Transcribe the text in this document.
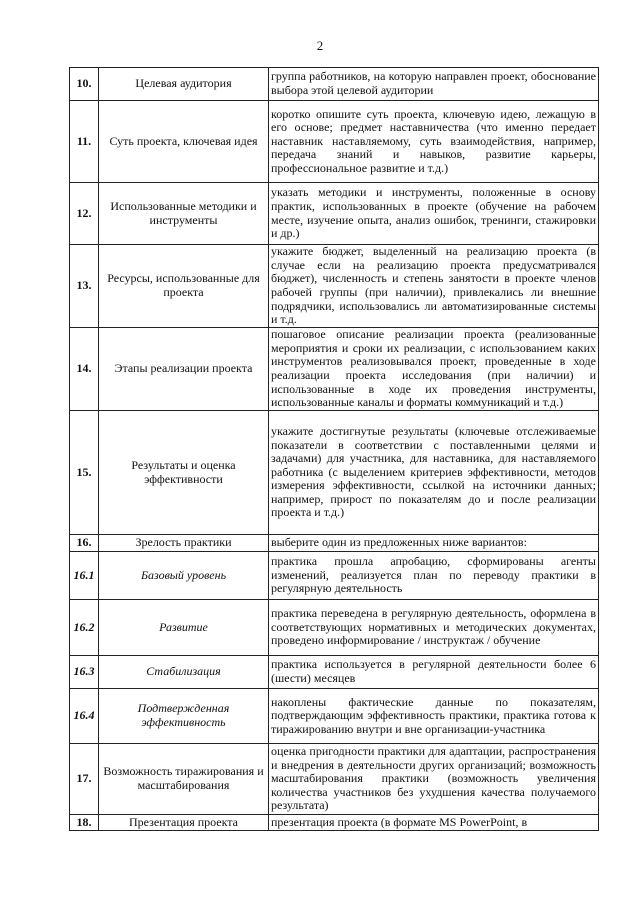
2
10.	Целевая аудитория	группа работников, на которую направлен проект, обоснование выбора этой целевой аудитории
11.	Суть проекта, ключевая идея	коротко опишите суть проекта, ключевую идею, лежащую в его основе; предмет наставничества (что именно передает наставник наставляемому, суть взаимодействия, например, передача знаний и навыков, развитие карьеры, профессиональное развитие и т.д.)
12.	Использованные методики и инструменты	указать методики и инструменты, положенные в основу практик, использованных в проекте (обучение на рабочем месте, изучение опыта, анализ ошибок, тренинги, стажировки и др.)
13.	Ресурсы, использованные для проекта	укажите бюджет, выделенный на реализацию проекта (в случае если на реализацию проекта предусматривался бюджет), численность и степень занятости в проекте членов рабочей группы (при наличии), привлекались ли внешние подрядчики, использовались ли автоматизированные системы и т.д.
14.	Этапы реализации проекта	пошаговое описание реализации проекта (реализованные мероприятия и сроки их реализации, с использованием каких инструментов реализовывался проект, проведенные в ходе реализации проекта исследования (при наличии) и использованные в ходе их проведения инструменты, использованные каналы и форматы коммуникаций и т.д.)
15.	Результаты и оценка эффективности	укажите достигнутые результаты (ключевые отслеживаемые показатели в соответствии с поставленными целями и задачами) для участника, для наставника, для наставляемого работника (с выделением критериев эффективности, методов измерения эффективности, ссылкой на источники данных; например, прирост по показателям до и после реализации проекта и т.д.)
16.	Зрелость практики	выберите один из предложенных ниже вариантов:
16.1	Базовый уровень	практика прошла апробацию, сформированы агенты изменений, реализуется план по переводу практики в регулярную деятельность
16.2	Развитие	практика переведена в регулярную деятельность, оформлена в соответствующих нормативных и методических документах, проведено информирование / инструктаж / обучение
16.3	Стабилизация	практика используется в регулярной деятельности более 6 (шести) месяцев
16.4	Подтвержденная эффективность	накоплены фактические данные по показателям, подтверждающим эффективность практики, практика готова к тиражированию внутри и вне организации-участника
17.	Возможность тиражирования и масштабирования	оценка пригодности практики для адаптации, распространения и внедрения в деятельности других организаций; возможность масштабирования практики (возможность увеличения количества участников без ухудшения качества получаемого результата)
18.	Презентация проекта	презентация проекта (в формате MS PowerPoint, в
